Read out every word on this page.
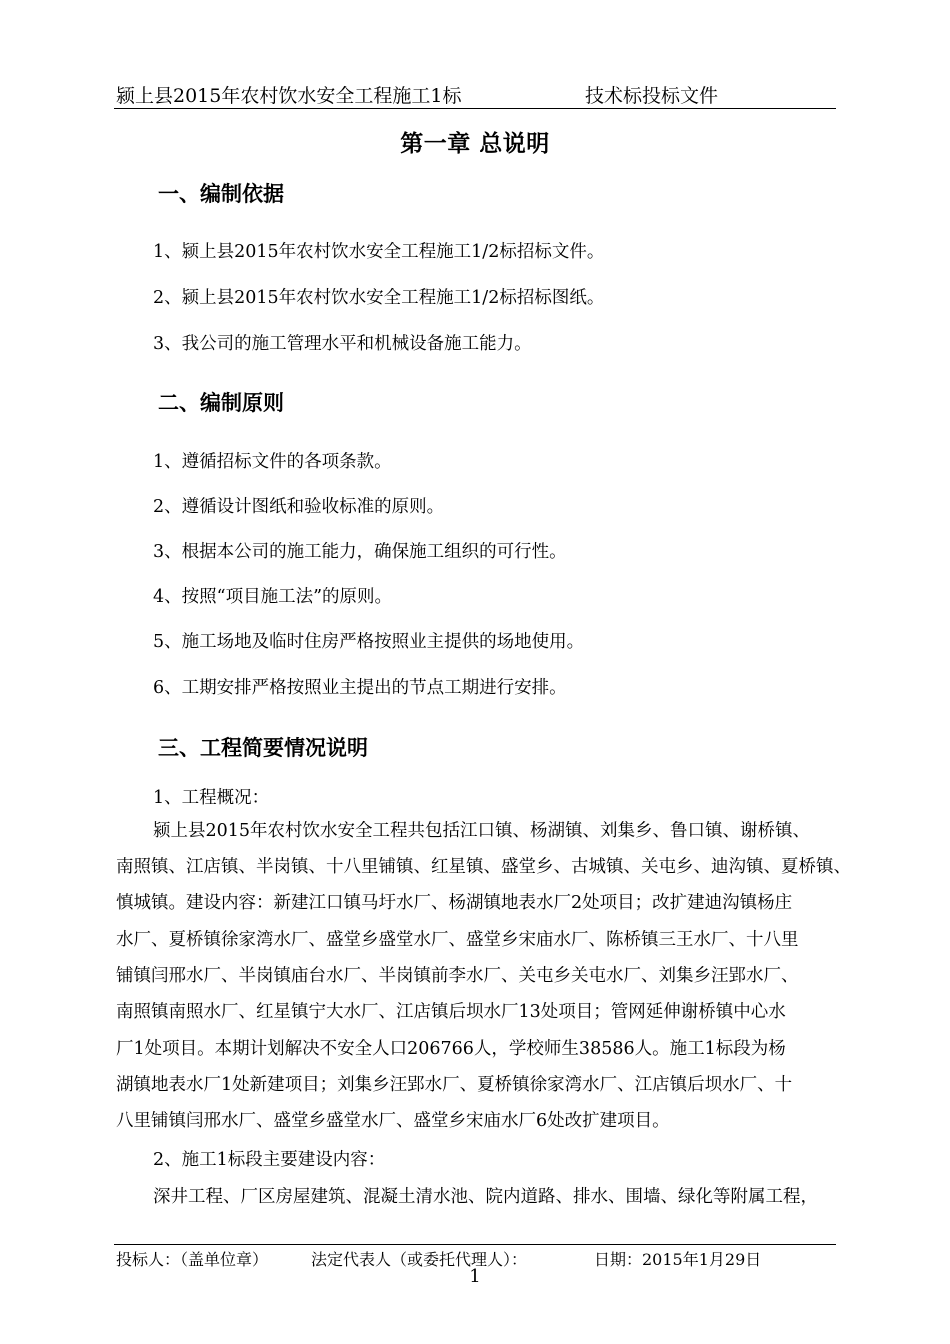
颍上县2015年农村饮水安全工程施工1标	技术标投标文件
第一章 总说明
一、编制依据
1、颍上县2015年农村饮水安全工程施工1/2标招标文件。
2、颍上县2015年农村饮水安全工程施工1/2标招标图纸。
3、我公司的施工管理水平和机械设备施工能力。
二、编制原则
1、遵循招标文件的各项条款。
2、遵循设计图纸和验收标准的原则。
3、根据本公司的施工能力，确保施工组织的可行性。
4、按照“项目施工法”的原则。
5、施工场地及临时住房严格按照业主提供的场地使用。
6、工期安排严格按照业主提出的节点工期进行安排。
三、工程简要情况说明
1、工程概况：
颍上县2015年农村饮水安全工程共包括江口镇、杨湖镇、刘集乡、鲁口镇、谢桥镇、
南照镇、江店镇、半岗镇、十八里铺镇、红星镇、盛堂乡、古城镇、关屯乡、迪沟镇、夏桥镇、
慎城镇。建设内容：新建江口镇马圩水厂、杨湖镇地表水厂2处项目；改扩建迪沟镇杨庄
水厂、夏桥镇徐家湾水厂、盛堂乡盛堂水厂、盛堂乡宋庙水厂、陈桥镇三王水厂、十八里
铺镇闫邢水厂、半岗镇庙台水厂、半岗镇前李水厂、关屯乡关屯水厂、刘集乡汪郢水厂、
南照镇南照水厂、红星镇宁大水厂、江店镇后坝水厂13处项目；管网延伸谢桥镇中心水
厂1处项目。本期计划解决不安全人口206766人，学校师生38586人。施工1标段为杨
湖镇地表水厂1处新建项目；刘集乡汪郢水厂、夏桥镇徐家湾水厂、江店镇后坝水厂、十
八里铺镇闫邢水厂、盛堂乡盛堂水厂、盛堂乡宋庙水厂6处改扩建项目。
2、施工1标段主要建设内容：
深井工程、厂区房屋建筑、混凝土清水池、院内道路、排水、围墙、绿化等附属工程，
投标人：（盖单位章）	法定代表人（或委托代理人）：	日期：2015年1月29日
1
